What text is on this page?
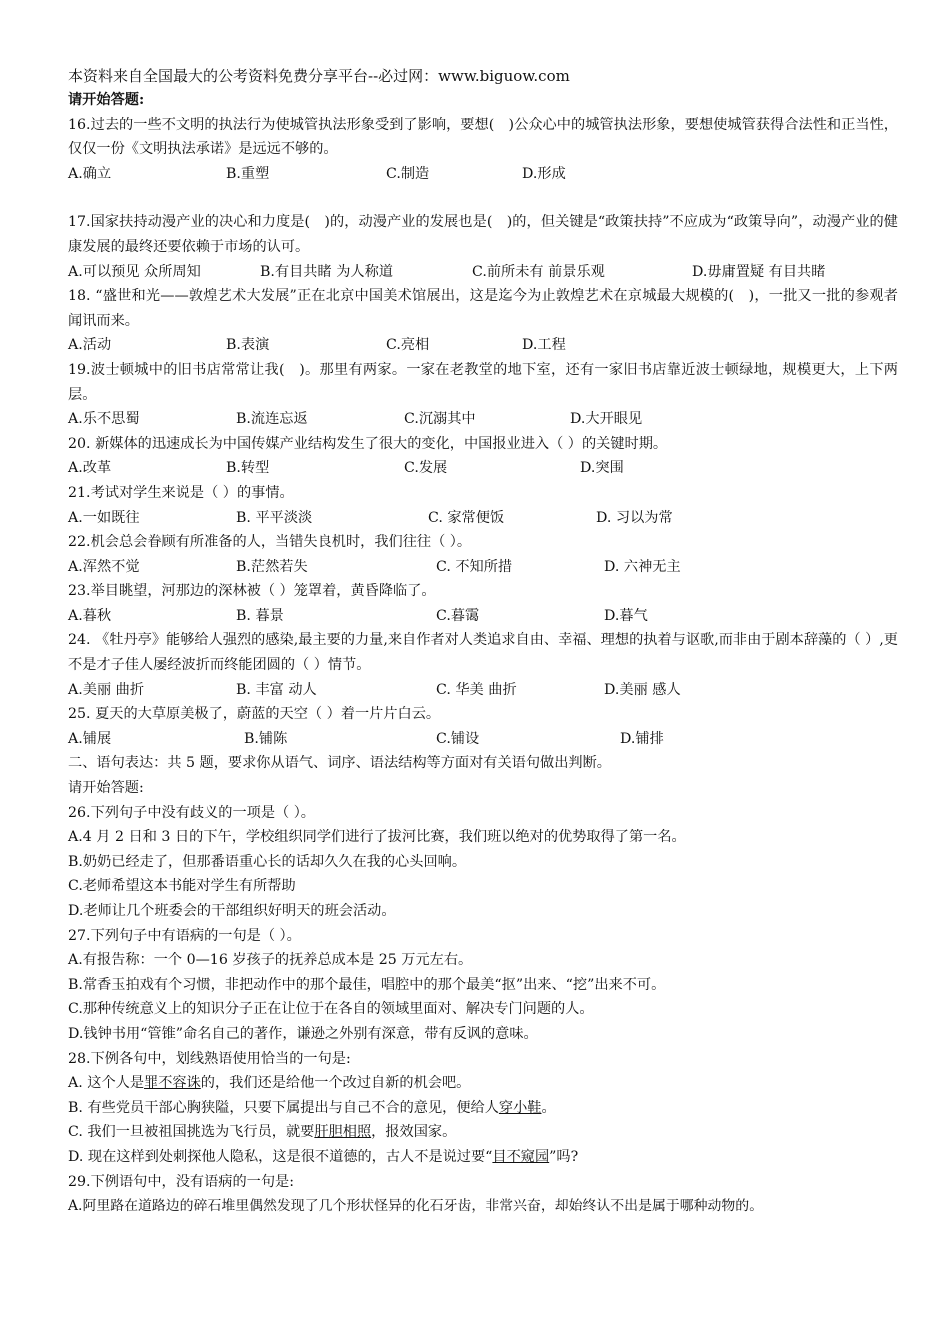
本资料来自全国最大的公考资料免费分享平台--必过网：www.biguow.com
请开始答题:
16.过去的一些不文明的执法行为使城管执法形象受到了影响，要想(　)公众心中的城管执法形象，要想使城管获得合法性和正当性，仅仅一份《文明执法承诺》是远远不够的。
A.确立	B.重塑	C.制造	D.形成
17.国家扶持动漫产业的决心和力度是(　)的，动漫产业的发展也是(　)的，但关键是“政策扶持”不应成为“政策导向”，动漫产业的健康发展的最终还要依赖于市场的认可。
A.可以预见 众所周知	B.有目共睹 为人称道	C.前所未有 前景乐观	D.毋庸置疑 有目共睹
18. “盛世和光——敦煌艺术大发展”正在北京中国美术馆展出，这是迄今为止敦煌艺术在京城最大规模的(　)，一批又一批的参观者闻讯而来。
A.活动	B.表演	C.亮相	D.工程
19.波士顿城中的旧书店常常让我(　)。那里有两家。一家在老教堂的地下室，还有一家旧书店靠近波士顿绿地，规模更大，上下两层。
A.乐不思蜀	B.流连忘返	C.沉溺其中	D.大开眼见
20. 新媒体的迅速成长为中国传媒产业结构发生了很大的变化，中国报业进入（ ）的关键时期。
A.改革	B.转型	C.发展	D.突围
21.考试对学生来说是（ ）的事情。
A.一如既往	B. 平平淡淡	C. 家常便饭	D. 习以为常
22.机会总会眷顾有所准备的人，当错失良机时，我们往往（ ）。
A.浑然不觉	B.茫然若失	C. 不知所措	D. 六神无主
23.举目眺望，河那边的深林被（ ）笼罩着，黄昏降临了。
A.暮秋	B. 暮景	C.暮霭	D.暮气
24. 《牡丹亭》能够给人强烈的感染,最主要的力量,来自作者对人类追求自由、幸福、理想的执着与讴歌,而非由于剧本辞藻的（ ）,更不是才子佳人屡经波折而终能团圆的（ ）情节。
A.美丽 曲折	B. 丰富 动人	C. 华美 曲折	D.美丽 感人
25. 夏天的大草原美极了，蔚蓝的天空（ ）着一片片白云。
A.铺展	B.铺陈	C.铺设	D.铺排
二、语句表达：共 5 题，要求你从语气、词序、语法结构等方面对有关语句做出判断。
请开始答题:
26.下列句子中没有歧义的一项是（ ）。
A.4 月 2 日和 3 日的下午，学校组织同学们进行了拔河比赛，我们班以绝对的优势取得了第一名。
B.奶奶已经走了，但那番语重心长的话却久久在我的心头回响。
C.老师希望这本书能对学生有所帮助
D.老师让几个班委会的干部组织好明天的班会活动。
27.下列句子中有语病的一句是（ ）。
A.有报告称：一个 0—16 岁孩子的抚养总成本是 25 万元左右。
B.常香玉拍戏有个习惯，非把动作中的那个最佳，唱腔中的那个最美“抠”出来、“挖”出来不可。
C.那种传统意义上的知识分子正在让位于在各自的领域里面对、解决专门问题的人。
D.钱钟书用“管锥”命名自己的著作，谦逊之外别有深意，带有反讽的意味。
28.下例各句中，划线熟语使用恰当的一句是:
A. 这个人是罪不容诛的，我们还是给他一个改过自新的机会吧。
B. 有些党员干部心胸狭隘，只要下属提出与自己不合的意见，便给人穿小鞋。
C. 我们一旦被祖国挑选为飞行员，就要肝胆相照，报效国家。
D. 现在这样到处刺探他人隐私，这是很不道德的，古人不是说过要“目不窥园”吗?
29.下例语句中，没有语病的一句是:
A.阿里路在道路边的碎石堆里偶然发现了几个形状怪异的化石牙齿，非常兴奋，却始终认不出是属于哪种动物的。
